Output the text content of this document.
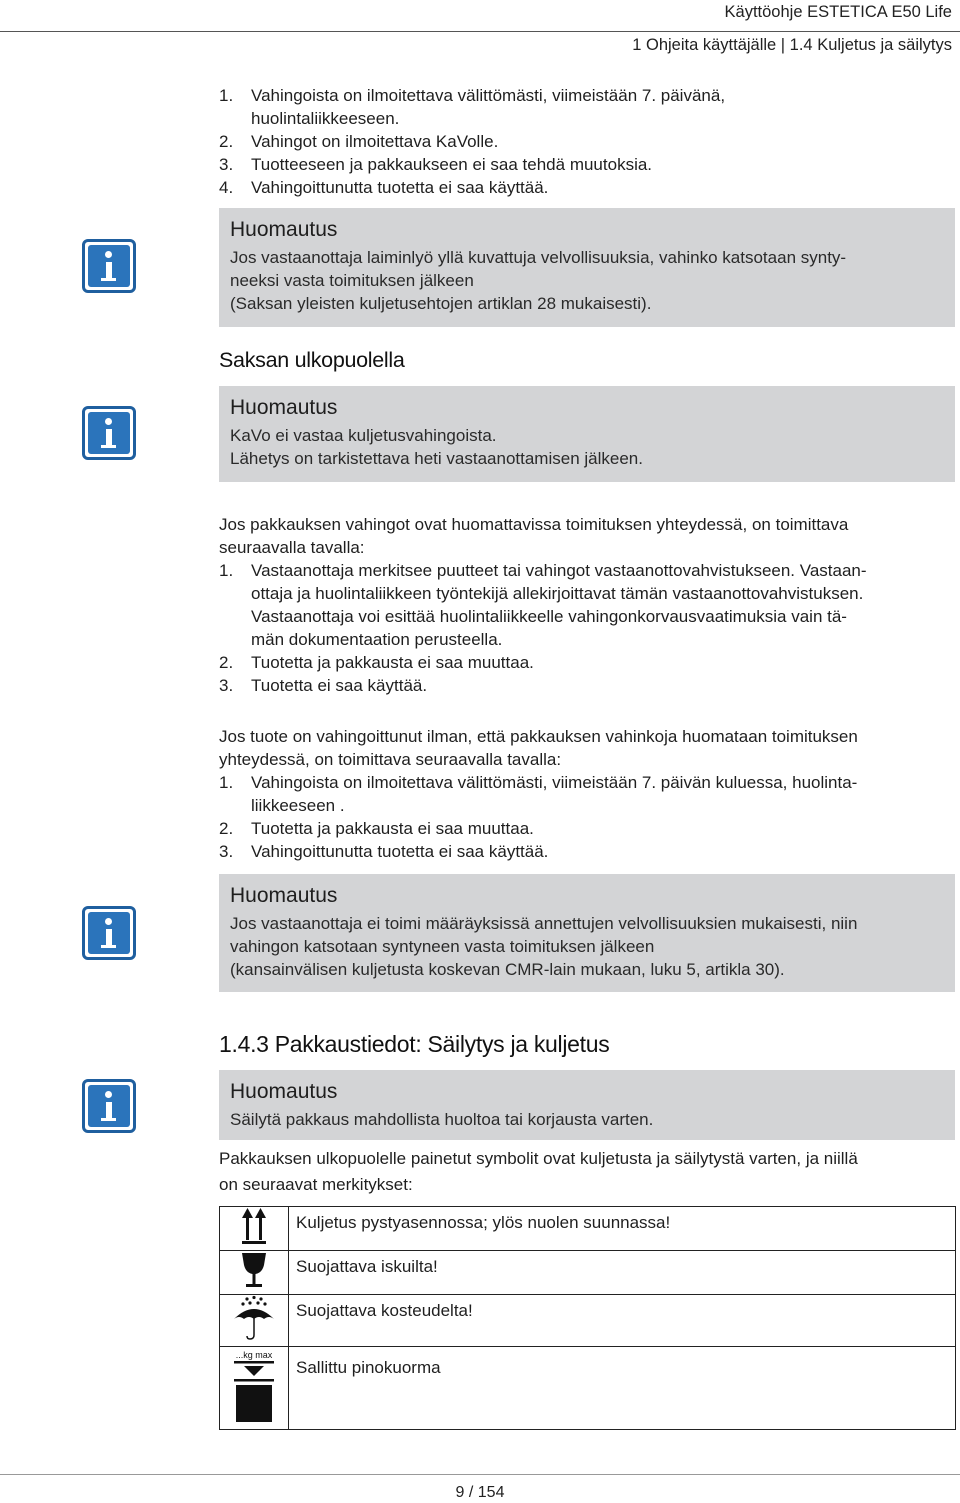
Käyttöohje ESTETICA E50 Life
1 Ohjeita käyttäjälle | 1.4 Kuljetus ja säilytys
1. Vahingoista on ilmoitettava välittömästi, viimeistään 7. päivänä, huolintaliikkeeseen.
2. Vahingot on ilmoitettava KaVolle.
3. Tuotteeseen ja pakkaukseen ei saa tehdä muutoksia.
4. Vahingoittunutta tuotetta ei saa käyttää.
Huomautus
Jos vastaanottaja laiminlyö yllä kuvattuja velvollisuuksia, vahinko katsotaan synty-
neeksi vasta toimituksen jälkeen
(Saksan yleisten kuljetusehtojen artiklan 28 mukaisesti).
Saksan ulkopuolella
Huomautus
KaVo ei vastaa kuljetusvahingoista.
Lähetys on tarkistettava heti vastaanottamisen jälkeen.
Jos pakkauksen vahingot ovat huomattavissa toimituksen yhteydessä, on toimittava
seuraavalla tavalla:
1. Vastaanottaja merkitsee puutteet tai vahingot vastaanottovahvistukseen. Vastaan-
ottaja ja huolintaliikkeen työntekijä allekirjoittavat tämän vastaanottovahvistuksen.
Vastaanottaja voi esittää huolintaliikkeelle vahingonkorvausvaatimuksia vain tä-
män dokumentaation perusteella.
2. Tuotetta ja pakkausta ei saa muuttaa.
3. Tuotetta ei saa käyttää.
Jos tuote on vahingoittunut ilman, että pakkauksen vahinkoja huomataan toimituksen
yhteydessä, on toimittava seuraavalla tavalla:
1. Vahingoista on ilmoitettava välittömästi, viimeistään 7. päivän kuluessa, huolinta-
liikkeeseen .
2. Tuotetta ja pakkausta ei saa muuttaa.
3. Vahingoittunutta tuotetta ei saa käyttää.
Huomautus
Jos vastaanottaja ei toimi määräyksissä annettujen velvollisuuksien mukaisesti, niin
vahingon katsotaan syntyneen vasta toimituksen jälkeen
(kansainvälisen kuljetusta koskevan CMR-lain mukaan, luku 5, artikla 30).
1.4.3 Pakkaustiedot: Säilytys ja kuljetus
Huomautus
Säilytä pakkaus mahdollista huoltoa tai korjausta varten.
Pakkauksen ulkopuolelle painetut symbolit ovat kuljetusta ja säilytystä varten, ja niillä
on seuraavat merkitykset:
	Kuljetus pystyasennossa; ylös nuolen suunnassa!
	Suojattava iskuilta!
	Suojattava kosteudelta!

...kg max	Sallittu pinokuorma
9 / 154
